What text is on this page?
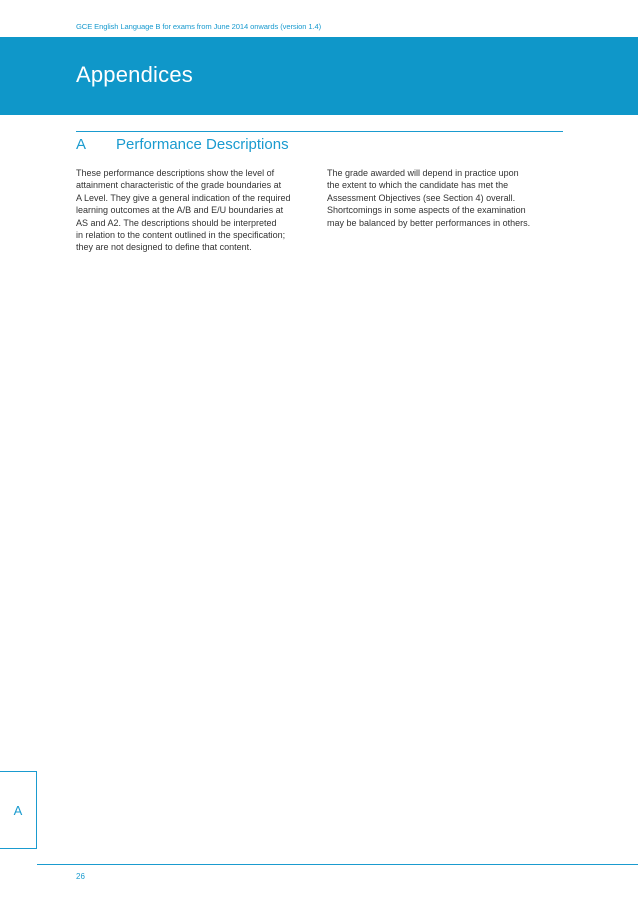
GCE English Language B for exams from June 2014 onwards (version 1.4)
Appendices
A Performance Descriptions
These performance descriptions show the level of
attainment characteristic of the grade boundaries at
A Level. They give a general indication of the required
learning outcomes at the A/B and E/U boundaries at
AS and A2. The descriptions should be interpreted
in relation to the content outlined in the specification;
they are not designed to define that content.
The grade awarded will depend in practice upon
the extent to which the candidate has met the
Assessment Objectives (see Section 4) overall.
Shortcomings in some aspects of the examination
may be balanced by better performances in others.
A
26
